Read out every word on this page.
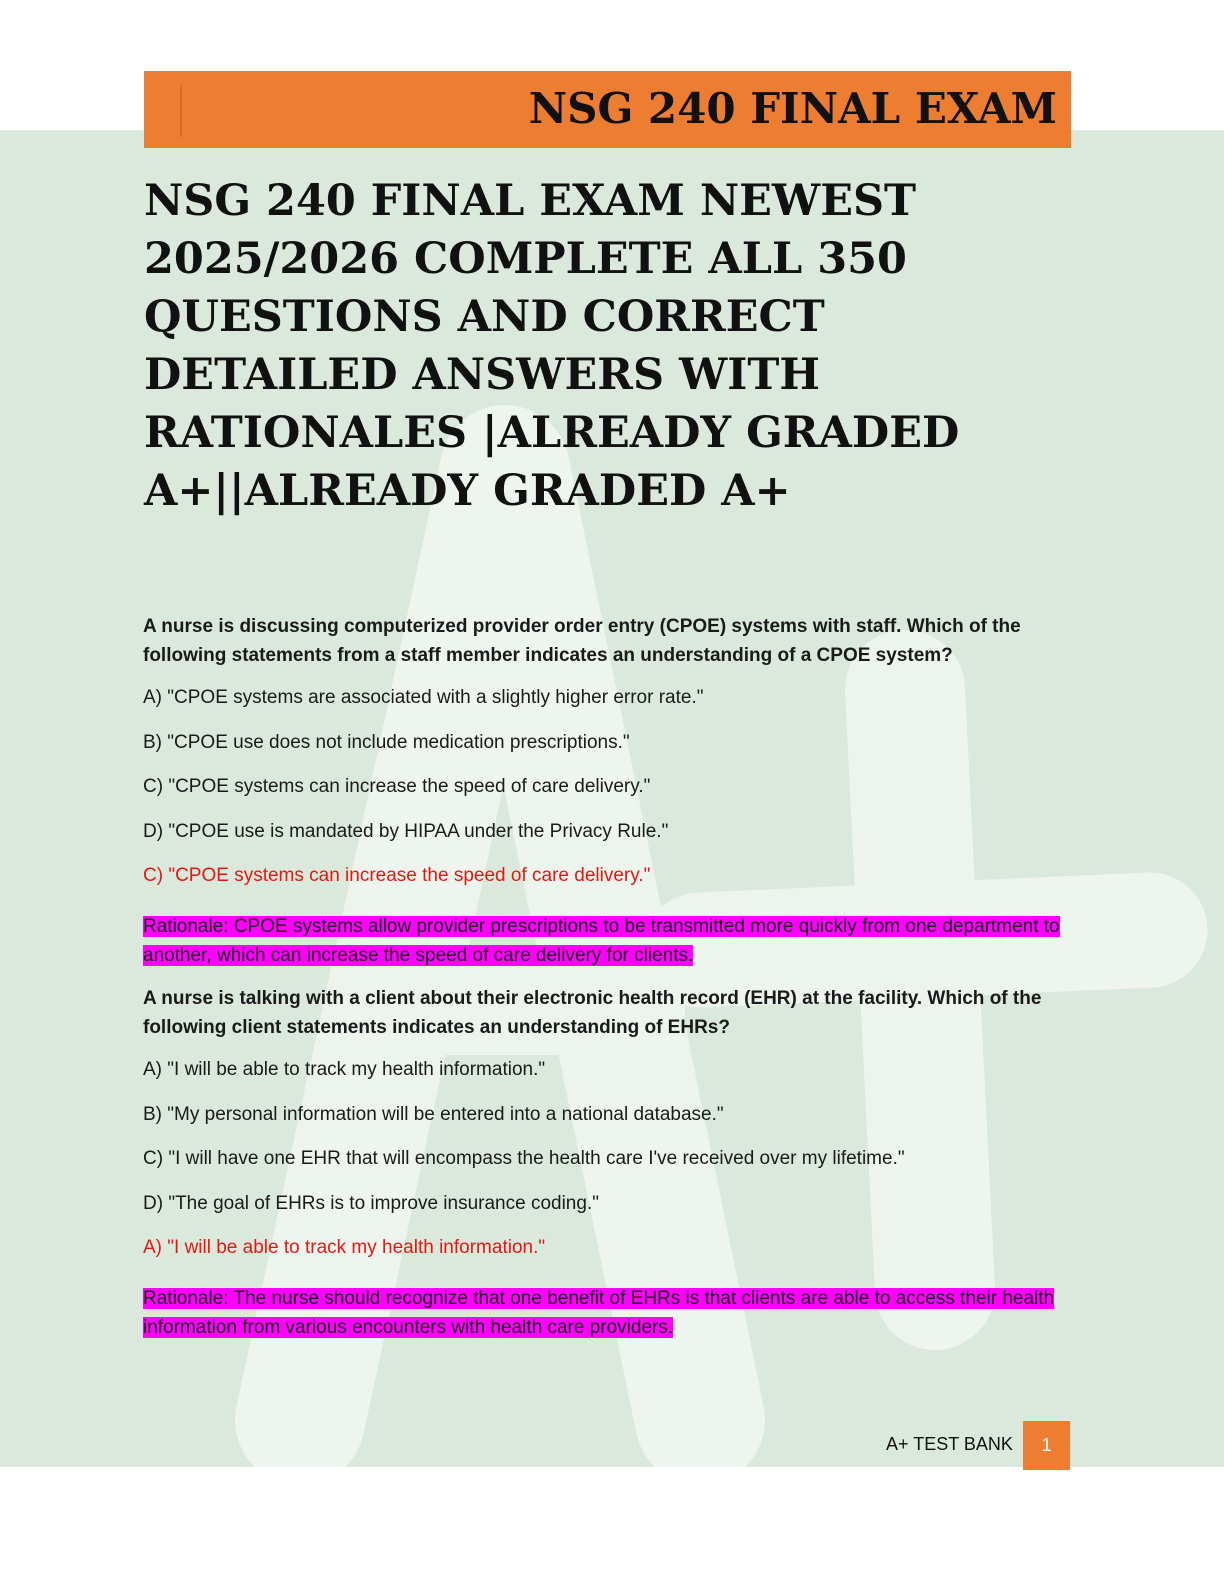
NSG 240 FINAL EXAM
NSG 240 FINAL EXAM NEWEST 2025/2026 COMPLETE ALL 350 QUESTIONS AND CORRECT DETAILED ANSWERS WITH RATIONALES |ALREADY GRADED A+||ALREADY GRADED A+
A nurse is discussing computerized provider order entry (CPOE) systems with staff. Which of the following statements from a staff member indicates an understanding of a CPOE system?
A) "CPOE systems are associated with a slightly higher error rate."
B) "CPOE use does not include medication prescriptions."
C) "CPOE systems can increase the speed of care delivery."
D) "CPOE use is mandated by HIPAA under the Privacy Rule."
C) "CPOE systems can increase the speed of care delivery."
Rationale: CPOE systems allow provider prescriptions to be transmitted more quickly from one department to another, which can increase the speed of care delivery for clients.
A nurse is talking with a client about their electronic health record (EHR) at the facility. Which of the following client statements indicates an understanding of EHRs?
A) "I will be able to track my health information."
B) "My personal information will be entered into a national database."
C) "I will have one EHR that will encompass the health care I've received over my lifetime."
D) "The goal of EHRs is to improve insurance coding."
A) "I will be able to track my health information."
Rationale: The nurse should recognize that one benefit of EHRs is that clients are able to access their health information from various encounters with health care providers.
A+ TEST BANK	1
